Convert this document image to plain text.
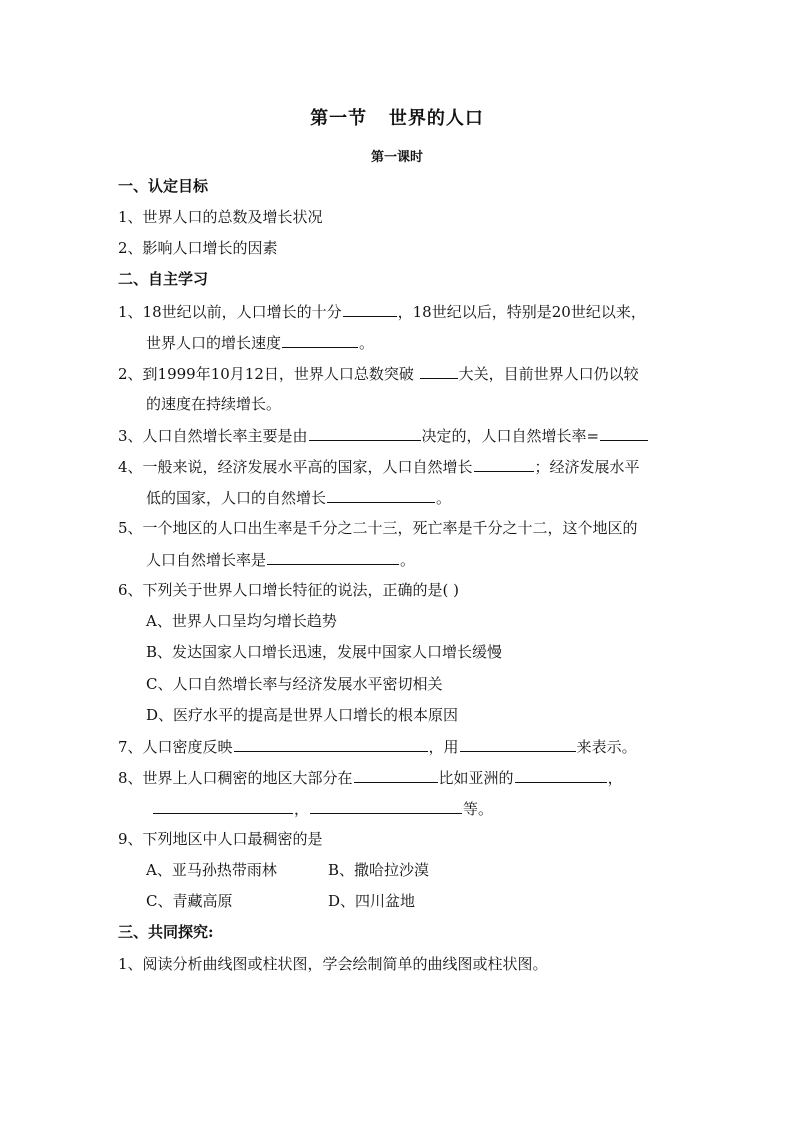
第一节   世界的人口
第一课时
一、认定目标
1、世界人口的总数及增长状况
2、影响人口增长的因素
二、自主学习
1、18世纪以前，人口增长的十分	，18世纪以后，特别是20世纪以来，
世界人口的增长速度	。
2、到1999年10月12日，世界人口总数突破	大关，目前世界人口仍以较
的速度在持续增长。
3、人口自然增长率主要是由	决定的，人口自然增长率=
4、一般来说，经济发展水平高的国家，人口自然增长	；经济发展水平
低的国家，人口的自然增长	。
5、一个地区的人口出生率是千分之二十三，死亡率是千分之十二，这个地区的
人口自然增长率是	。
6、下列关于世界人口增长特征的说法，正确的是( )
A、世界人口呈均匀增长趋势
B、发达国家人口增长迅速，发展中国家人口增长缓慢
C、人口自然增长率与经济发展水平密切相关
D、医疗水平的提高是世界人口增长的根本原因
7、人口密度反映	，用	来表示。
8、世界上人口稠密的地区大部分在	比如亚洲的	，
，	等。
9、下列地区中人口最稠密的是
A、亚马孙热带雨林	B、撒哈拉沙漠
C、青藏高原	D、四川盆地
三、共同探究:
1、阅读分析曲线图或柱状图，学会绘制简单的曲线图或柱状图。
